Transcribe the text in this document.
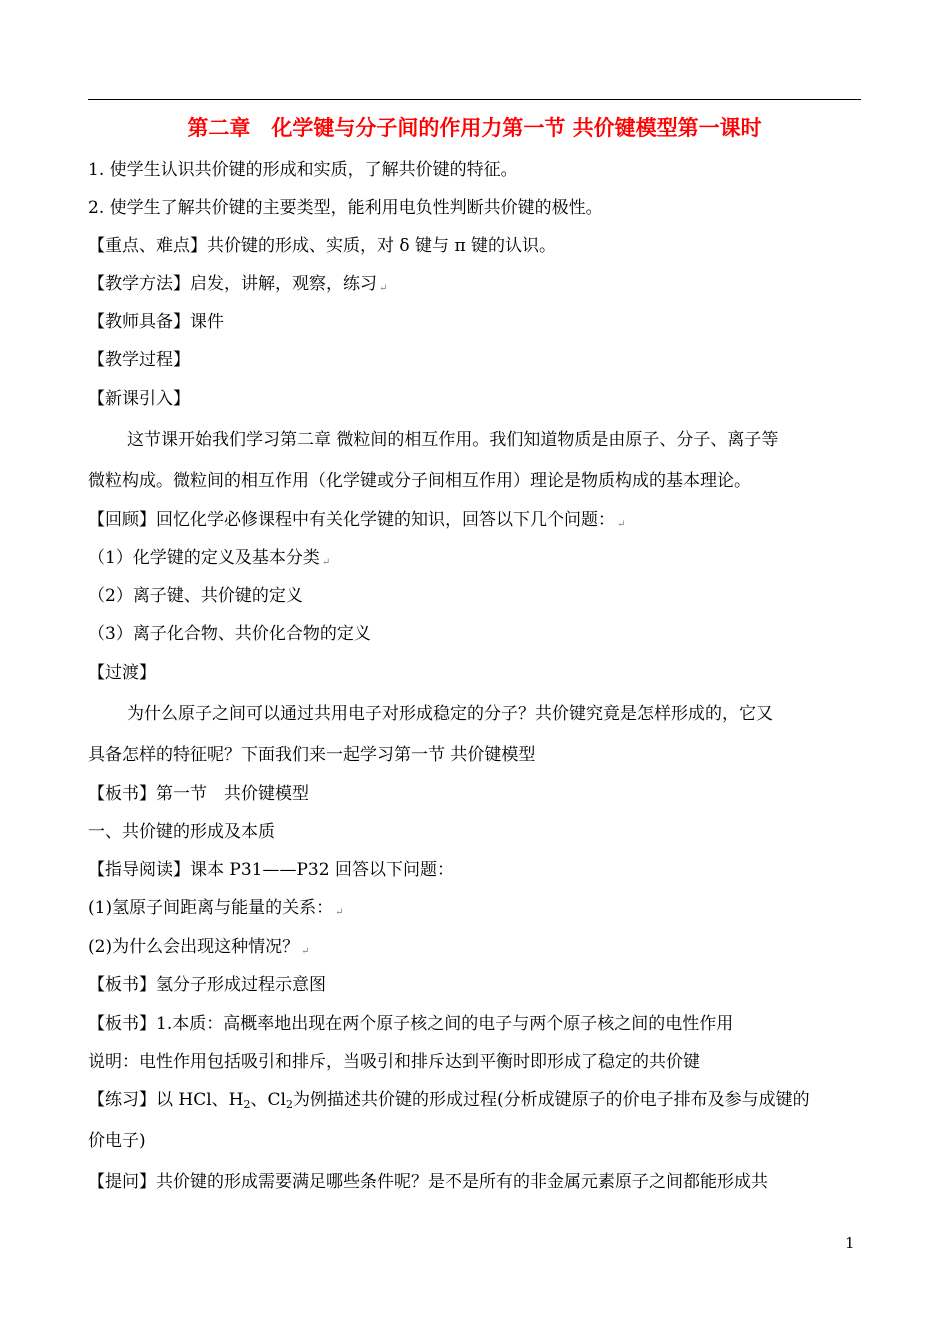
第二章　化学键与分子间的作用力第一节 共价键模型第一课时
1. 使学生认识共价键的形成和实质，了解共价键的特征。
2. 使学生了解共价键的主要类型，能利用电负性判断共价键的极性。
【重点、难点】共价键的形成、实质，对 δ 键与 π 键的认识。
【教学方法】启发，讲解，观察，练习 ↵
【教师具备】课件
【教学过程】
【新课引入】
这节课开始我们学习第二章 微粒间的相互作用。我们知道物质是由原子、分子、离子等
微粒构成。微粒间的相互作用（化学键或分子间相互作用）理论是物质构成的基本理论。
【回顾】回忆化学必修课程中有关化学键的知识，回答以下几个问题： ↵
（1）化学键的定义及基本分类 ↵
（2）离子键、共价键的定义
（3）离子化合物、共价化合物的定义
【过渡】
为什么原子之间可以通过共用电子对形成稳定的分子？共价键究竟是怎样形成的，它又
具备怎样的特征呢？下面我们来一起学习第一节 共价键模型
【板书】第一节　共价键模型
一、共价键的形成及本质
【指导阅读】课本 P31——P32 回答以下问题：
(1)氢原子间距离与能量的关系： ↵
(2)为什么会出现这种情况？ ↵
【板书】氢分子形成过程示意图
【板书】1.本质：高概率地出现在两个原子核之间的电子与两个原子核之间的电性作用
说明：电性作用包括吸引和排斥，当吸引和排斥达到平衡时即形成了稳定的共价键
【练习】以 HCl、$H_2$、$Cl_2$为例描述共价键的形成过程(分析成键原子的价电子排布及参与成键的
价电子)
【提问】共价键的形成需要满足哪些条件呢？是不是所有的非金属元素原子之间都能形成共
1
